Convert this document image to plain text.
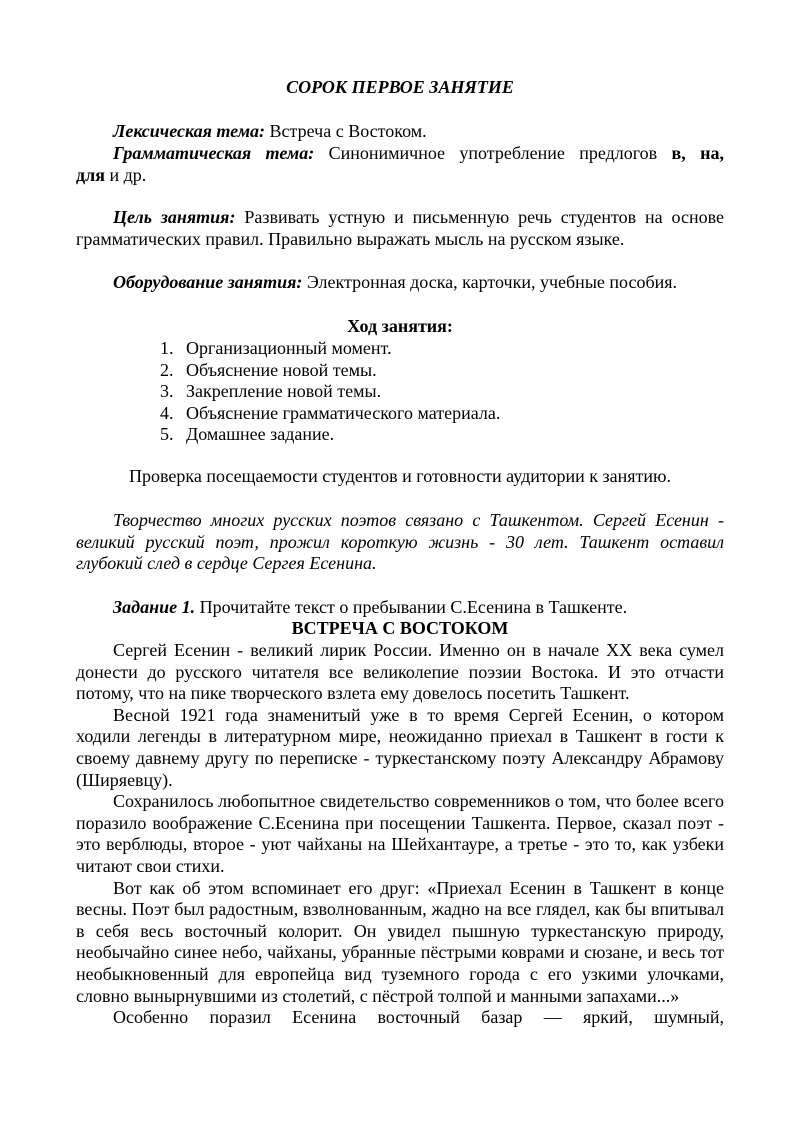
СОРОК ПЕРВОЕ ЗАНЯТИЕ

Лексическая тема: Встреча с Востоком.

Грамматическая тема: Синонимичное употребление предлогов в, на,

для и др.

Цель занятия: Развивать устную и письменную речь студентов на основе грамматических правил. Правильно выражать мысль на русском языке.

Оборудование занятия: Электронная доска, карточки, учебные пособия.

Ход занятия:
1. Организационный момент.
2. Объяснение новой темы.
3. Закрепление новой темы.
4. Объяснение грамматического материала.
5. Домашнее задание.
Проверка посещаемости студентов и готовности аудитории к занятию.

Творчество многих русских поэтов связано с Ташкентом. Сергей Есенин - великий русский поэт, прожил короткую жизнь - 30 лет. Ташкент оставил глубокий след в сердце Сергея Есенина.

Задание 1. Прочитайте текст о пребывании С.Есенина в Ташкенте.

ВСТРЕЧА С ВОСТОКОМ

Сергей Есенин - великий лирик России. Именно он в начале XX века сумел донести до русского читателя все великолепие поэзии Востока. И это отчасти потому, что на пике творческого взлета ему довелось посетить Ташкент.

Весной 1921 года знаменитый уже в то время Сергей Есенин, о котором ходили легенды в литературном мире, неожиданно приехал в Ташкент в гости к своему давнему другу по переписке - туркестанскому поэту Александру Абрамову (Ширяевцу).

Сохранилось любопытное свидетельство современников о том, что более всего поразило воображение С.Есенина при посещении Ташкента. Первое, сказал поэт - это верблюды, второе - уют чайханы на Шейхантауре, а третье - это то, как узбеки читают свои стихи.

Вот как об этом вспоминает его друг: «Приехал Есенин в Ташкент в конце весны. Поэт был радостным, взволнованным, жадно на все глядел, как бы впитывал в себя весь восточный колорит. Он увидел пышную туркестанскую природу, необычайно синее небо, чайханы, убранные пёстрыми коврами и сюзане, и весь тот необыкновенный для европейца вид туземного города с его узкими улочками, словно вынырнувшими из столетий, с пёстрой толпой и манными запахами...»

Особенно поразил Есенина восточный базар — яркий, шумный,
